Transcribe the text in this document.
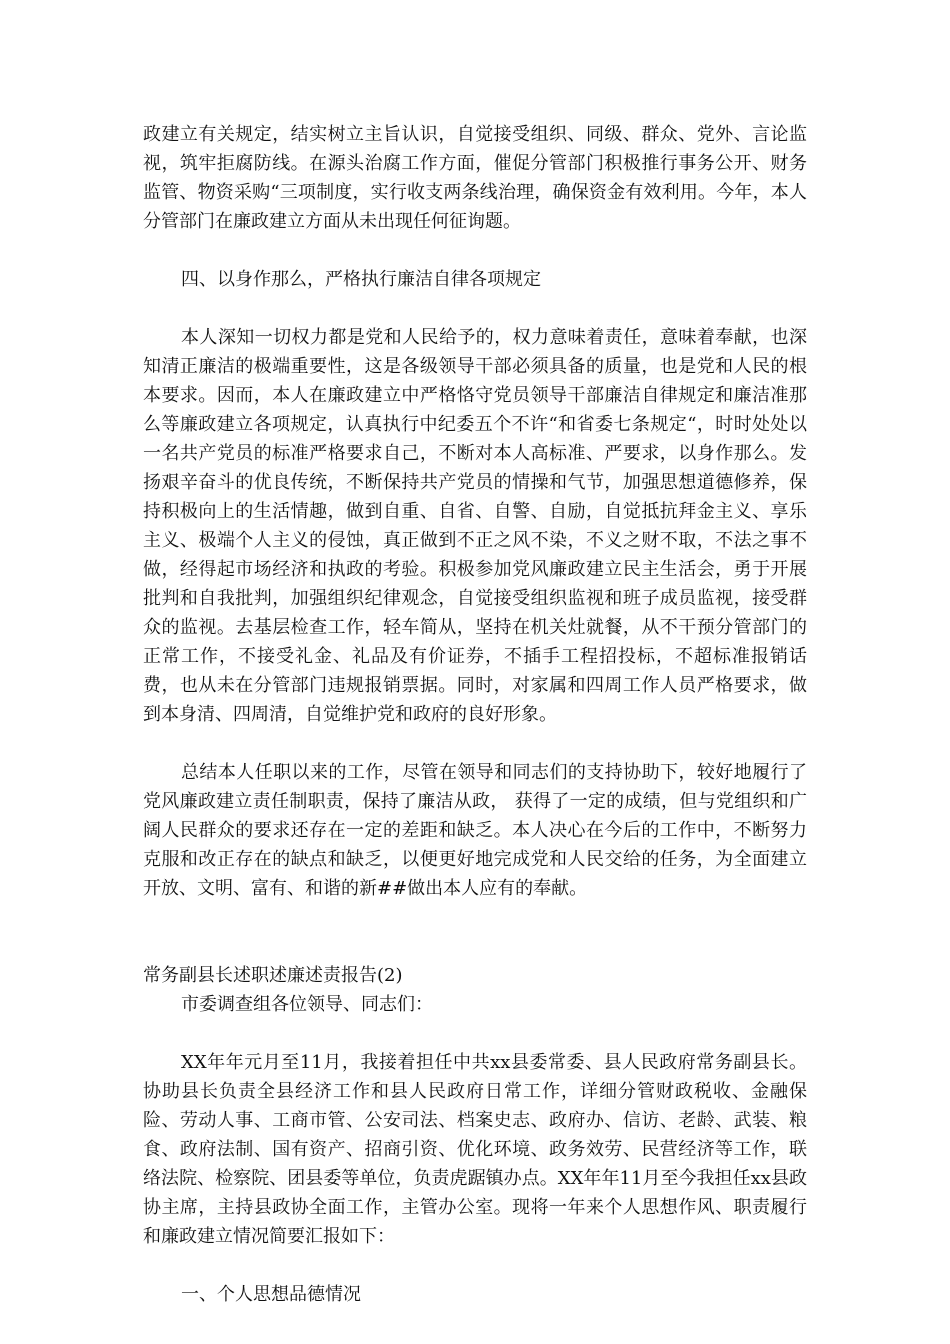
政建立有关规定，结实树立主旨认识，自觉接受组织、同级、群众、党外、言论监视，筑牢拒腐防线。在源头治腐工作方面，催促分管部门积极推行事务公开、财务监管、物资采购“三项制度，实行收支两条线治理，确保资金有效利用。今年，本人分管部门在廉政建立方面从未出现任何征询题。

四、以身作那么，严格执行廉洁自律各项规定

本人深知一切权力都是党和人民给予的，权力意味着责任，意味着奉献，也深知清正廉洁的极端重要性，这是各级领导干部必须具备的质量，也是党和人民的根本要求。因而，本人在廉政建立中严格恪守党员领导干部廉洁自律规定和廉洁准那么等廉政建立各项规定，认真执行中纪委五个不许“和省委七条规定“，时时处处以一名共产党员的标准严格要求自己，不断对本人高标准、严要求，以身作那么。发扬艰辛奋斗的优良传统，不断保持共产党员的情操和气节，加强思想道德修养，保持积极向上的生活情趣，做到自重、自省、自警、自励，自觉抵抗拜金主义、享乐主义、极端个人主义的侵蚀，真正做到不正之风不染，不义之财不取，不法之事不做，经得起市场经济和执政的考验。积极参加党风廉政建立民主生活会，勇于开展批判和自我批判，加强组织纪律观念，自觉接受组织监视和班子成员监视，接受群众的监视。去基层检查工作，轻车简从，坚持在机关灶就餐，从不干预分管部门的正常工作，不接受礼金、礼品及有价证券，不插手工程招投标，不超标准报销话费，也从未在分管部门违规报销票据。同时，对家属和四周工作人员严格要求，做到本身清、四周清，自觉维护党和政府的良好形象。

总结本人任职以来的工作，尽管在领导和同志们的支持协助下，较好地履行了党风廉政建立责任制职责，保持了廉洁从政， 获得了一定的成绩，但与党组织和广阔人民群众的要求还存在一定的差距和缺乏。本人决心在今后的工作中，不断努力克服和改正存在的缺点和缺乏，以便更好地完成党和人民交给的任务，为全面建立开放、文明、富有、和谐的新##做出本人应有的奉献。

常务副县长述职述廉述责报告(2)

市委调查组各位领导、同志们：

XX年年元月至11月，我接着担任中共xx县委常委、县人民政府常务副县长。协助县长负责全县经济工作和县人民政府日常工作，详细分管财政税收、金融保险、劳动人事、工商市管、公安司法、档案史志、政府办、信访、老龄、武装、粮食、政府法制、国有资产、招商引资、优化环境、政务效劳、民营经济等工作，联络法院、检察院、团县委等单位，负责虎踞镇办点。XX年年11月至今我担任xx县政协主席，主持县政协全面工作，主管办公室。现将一年来个人思想作风、职责履行和廉政建立情况简要汇报如下：

一、个人思想品德情况
